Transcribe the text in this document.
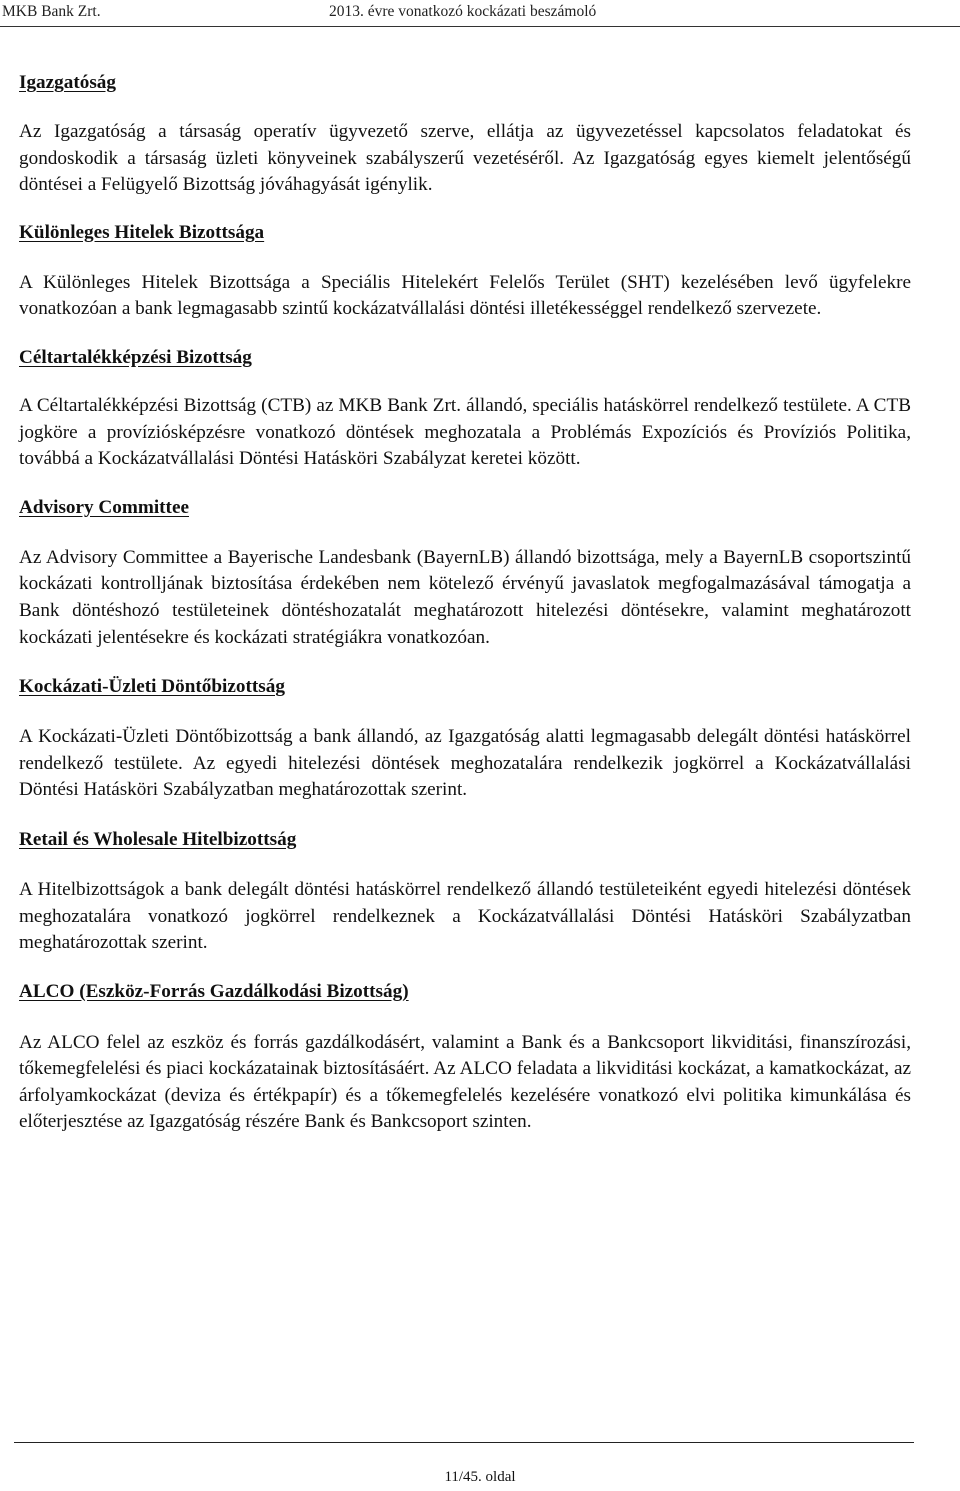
MKB Bank Zrt.	2013. évre vonatkozó kockázati beszámoló
Igazgatóság

Az Igazgatóság a társaság operatív ügyvezető szerve, ellátja az ügyvezetéssel kapcsolatos feladatokat és gondoskodik a társaság üzleti könyveinek szabályszerű vezetéséről. Az Igazgatóság egyes kiemelt jelentőségű döntései a Felügyelő Bizottság jóváhagyását igénylik.

Különleges Hitelek Bizottsága

A Különleges Hitelek Bizottsága a Speciális Hitelekért Felelős Terület (SHT) kezelésében levő ügyfelekre vonatkozóan a bank legmagasabb szintű kockázatvállalási döntési illetékességgel rendelkező szervezete.

Céltartalékképzési Bizottság

A Céltartalékképzési Bizottság (CTB) az MKB Bank Zrt. állandó, speciális hatáskörrel rendelkező testülete. A CTB jogköre a províziósképzésre vonatkozó döntések meghozatala a Problémás Expozíciós és Províziós Politika, továbbá a Kockázatvállalási Döntési Hatásköri Szabályzat keretei között.

Advisory Committee

Az Advisory Committee a Bayerische Landesbank (BayernLB) állandó bizottsága, mely a BayernLB csoportszintű kockázati kontrolljának biztosítása érdekében nem kötelező érvényű javaslatok megfogalmazásával támogatja a Bank döntéshozó testületeinek döntéshozatalát meghatározott hitelezési döntésekre, valamint meghatározott kockázati jelentésekre és kockázati stratégiákra vonatkozóan.

Kockázati-Üzleti Döntőbizottság

A Kockázati-Üzleti Döntőbizottság a bank állandó, az Igazgatóság alatti legmagasabb delegált döntési hatáskörrel rendelkező testülete. Az egyedi hitelezési döntések meghozatalára rendelkezik jogkörrel a Kockázatvállalási Döntési Hatásköri Szabályzatban meghatározottak szerint.

Retail és Wholesale Hitelbizottság

A Hitelbizottságok a bank delegált döntési hatáskörrel rendelkező állandó testületeiként egyedi hitelezési döntések meghozatalára vonatkozó jogkörrel rendelkeznek a Kockázatvállalási Döntési Hatásköri Szabályzatban meghatározottak szerint.

ALCO (Eszköz-Forrás Gazdálkodási Bizottság)

Az ALCO felel az eszköz és forrás gazdálkodásért, valamint a Bank és a Bankcsoport likviditási, finanszírozási, tőkemegfelelési és piaci kockázatainak biztosításáért. Az ALCO feladata a likviditási kockázat, a kamatkockázat, az árfolyamkockázat (deviza és értékpapír) és a tőkemegfelelés kezelésére vonatkozó elvi politika kimunkálása és előterjesztése az Igazgatóság részére Bank és Bankcsoport szinten.

11/45. oldal
